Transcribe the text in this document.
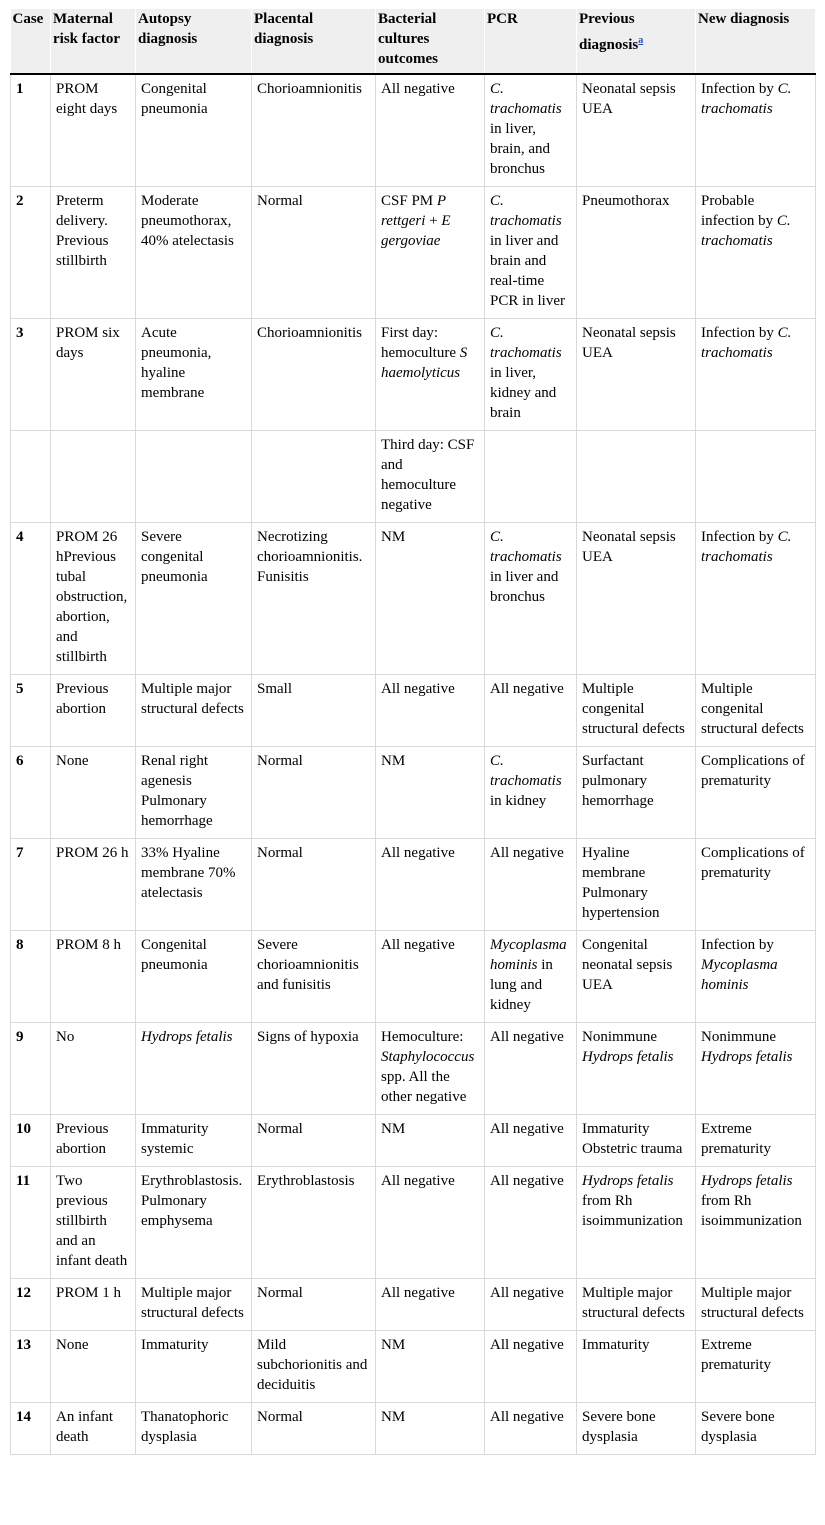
Case	Maternal risk factor	Autopsy diagnosis	Placental diagnosis	Bacterial cultures outcomes	PCR	Previous diagnosis$^a$	New diagnosis
1	PROM eight days	Congenital pneumonia	Chorioamnionitis	All negative	C. trachomatis in liver, brain, and bronchus	Neonatal sepsis UEA	Infection by C. trachomatis
2	Preterm delivery. Previous stillbirth	Moderate pneumothorax, 40% atelectasis	Normal	CSF PM P rettgeri + E gergoviae	C. trachomatis in liver and brain and real-time PCR in liver	Pneumothorax	Probable infection by C. trachomatis
3	PROM six days	Acute pneumonia, hyaline membrane	Chorioamnionitis	First day: hemoculture S haemolyticus	C. trachomatis in liver, kidney and brain	Neonatal sepsis UEA	Infection by C. trachomatis
				Third day: CSF and hemoculture negative			
4	PROM 26 hPrevious tubal obstruction, abortion, and stillbirth	Severe congenital pneumonia	Necrotizing chorioamnionitis. Funisitis	NM	C. trachomatis in liver and bronchus	Neonatal sepsis UEA	Infection by C. trachomatis
5	Previous abortion	Multiple major structural defects	Small	All negative	All negative	Multiple congenital structural defects	Multiple congenital structural defects
6	None	Renal right agenesis Pulmonary hemorrhage	Normal	NM	C. trachomatis in kidney	Surfactant pulmonary hemorrhage	Complications of prematurity
7	PROM 26 h	33% Hyaline membrane 70% atelectasis	Normal	All negative	All negative	Hyaline membrane Pulmonary hypertension	Complications of prematurity
8	PROM 8 h	Congenital pneumonia	Severe chorioamnionitis and funisitis	All negative	Mycoplasma hominis in lung and kidney	Congenital neonatal sepsis UEA	Infection by Mycoplasma hominis
9	No	Hydrops fetalis	Signs of hypoxia	Hemoculture: Staphylococcus spp. All the other negative	All negative	Nonimmune Hydrops fetalis	Nonimmune Hydrops fetalis
10	Previous abortion	Immaturity systemic	Normal	NM	All negative	Immaturity Obstetric trauma	Extreme prematurity
11	Two previous stillbirth and an infant death	Erythroblastosis. Pulmonary emphysema	Erythroblastosis	All negative	All negative	Hydrops fetalis from Rh isoimmunization	Hydrops fetalis from Rh isoimmunization
12	PROM 1 h	Multiple major structural defects	Normal	All negative	All negative	Multiple major structural defects	Multiple major structural defects
13	None	Immaturity	Mild subchorionitis and deciduitis	NM	All negative	Immaturity	Extreme prematurity
14	An infant death	Thanatophoric dysplasia	Normal	NM	All negative	Severe bone dysplasia	Severe bone dysplasia
